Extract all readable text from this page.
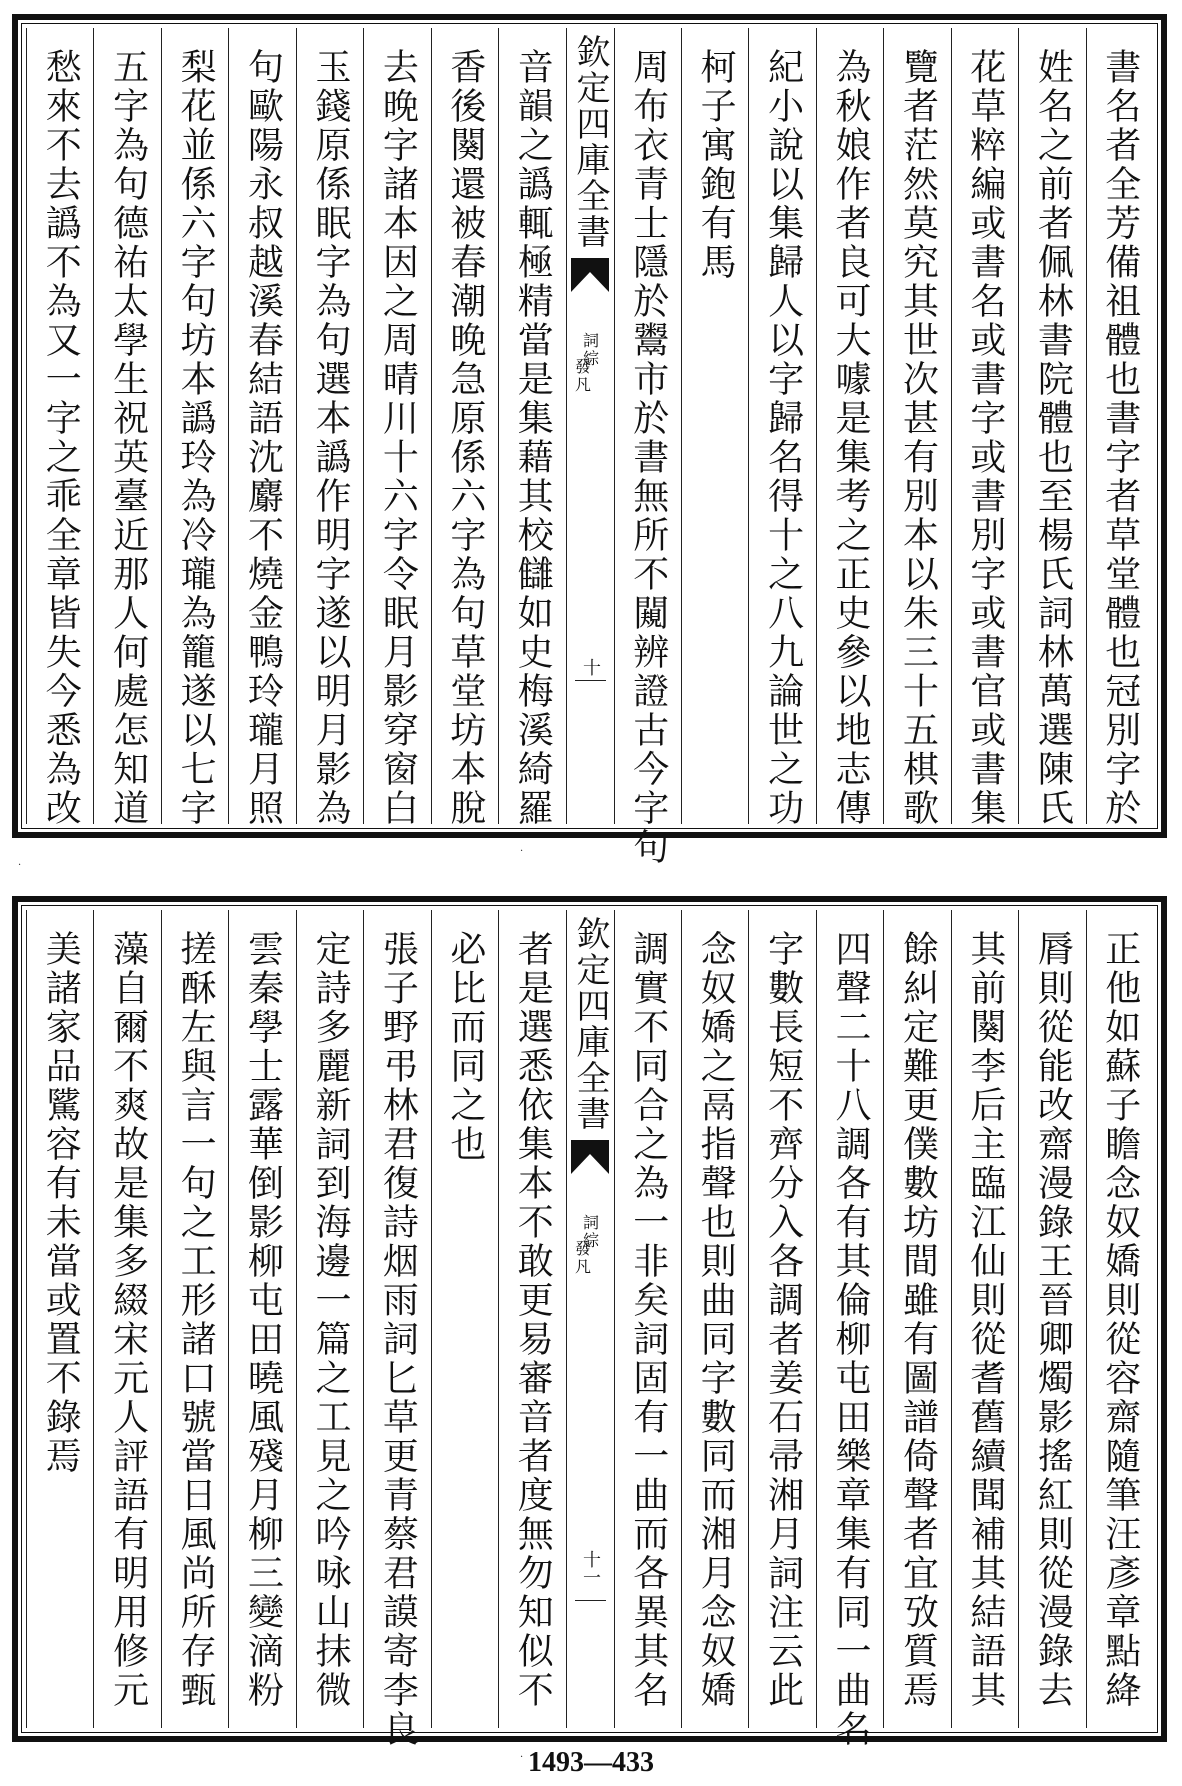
書名者全芳備祖體也書字者草堂體也冠別字於
姓名之前者佩林書院體也至楊氏詞林萬選陳氏
花草粹編或書名或書字或書別字或書官或書集
覽者茫然莫究其世次甚有別本以朱三十五棋歌
為秋娘作者良可大噱是集考之正史參以地志傳
紀小說以集歸人以字歸名得十之八九論世之功
柯子寓鉋有馬
周布衣青士隱於鬻市於書無所不闚辨證古今字句
欽定四庫全書
詞綜
發凡
十
音韻之譌輒極精當是集藉其校讎如史梅溪綺羅
香後闋還被春潮晚急原係六字為句草堂坊本脫
去晚字諸本因之周晴川十六字令眠月影穿窗白
玉錢原係眠字為句選本譌作明字遂以明月影為
句歐陽永叔越溪春結語沈麝不燒金鴨玲瓏月照
梨花並係六字句坊本譌玲為冷瓏為籠遂以七字
五字為句德祐太學生祝英臺近那人何處怎知道
愁來不去譌不為又一字之乖全章皆失今悉為改
·
·
正他如蘇子瞻念奴嬌則從容齋隨筆汪彥章點絳
脣則從能改齋漫錄王晉卿燭影搖紅則從漫錄去
其前闋李后主臨江仙則從耆舊續聞補其結語其
餘糾定難更僕數坊間雖有圖譜倚聲者宜攷質焉
四聲二十八調各有其倫柳屯田樂章集有同一曲名
字數長短不齊分入各調者姜石帚湘月詞注云此
念奴嬌之鬲指聲也則曲同字數同而湘月念奴嬌
調實不同合之為一非矣詞固有一曲而各異其名
欽定四庫全書
詞綜
發凡
十一
者是選悉依集本不敢更易審音者度無勿知似不
必比而同之也
張子野弔林君復詩烟雨詞匕草更青蔡君謨寄李良
定詩多麗新詞到海邊一篇之工見之吟咏山抹微
雲秦學士露華倒影柳屯田曉風殘月柳三變滴粉
搓酥左與言一句之工形諸口號當日風尚所存甄
藻自爾不爽故是集多綴宋元人評語有明用修元
美諸家品騭容有未當或置不錄焉
· 1493—433
